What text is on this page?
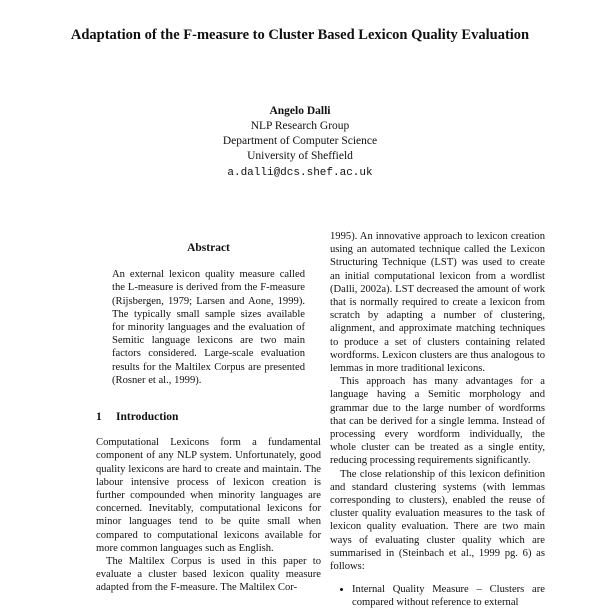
Adaptation of the F-measure to Cluster Based Lexicon Quality Evaluation
Angelo Dalli
NLP Research Group
Department of Computer Science
University of Sheffield
a.dalli@dcs.shef.ac.uk
Abstract

An external lexicon quality measure called the L-measure is derived from the F-measure (Rijsbergen, 1979; Larsen and Aone, 1999). The typically small sample sizes available for minority languages and the evaluation of Semitic language lexicons are two main factors considered. Large-scale evaluation results for the Maltilex Corpus are presented (Rosner et al., 1999).

1 Introduction

Computational Lexicons form a fundamental component of any NLP system. Unfortunately, good quality lexicons are hard to create and maintain. The labour intensive process of lexicon creation is further compounded when minority languages are concerned. Inevitably, computational lexicons for minor languages tend to be quite small when compared to computational lexicons available for more common languages such as English.

The Maltilex Corpus is used in this paper to evaluate a cluster based lexicon quality measure adapted from the F-measure. The Maltilex Cor-

1995). An innovative approach to lexicon creation using an automated technique called the Lexicon Structuring Technique (LST) was used to create an initial computational lexicon from a wordlist (Dalli, 2002a). LST decreased the amount of work that is normally required to create a lexicon from scratch by adapting a number of clustering, alignment, and approximate matching techniques to produce a set of clusters containing related wordforms. Lexicon clusters are thus analogous to lemmas in more traditional lexicons.

This approach has many advantages for a language having a Semitic morphology and grammar due to the large number of wordforms that can be derived for a single lemma. Instead of processing every wordform individually, the whole cluster can be treated as a single entity, reducing processing requirements significantly.

The close relationship of this lexicon definition and standard clustering systems (with lemmas corresponding to clusters), enabled the reuse of cluster quality evaluation measures to the task of lexicon quality evaluation. There are two main ways of evaluating cluster quality which are summarised in (Steinbach et al., 1999 pg. 6) as follows:

• Internal Quality Measure – Clusters are compared without reference to external
